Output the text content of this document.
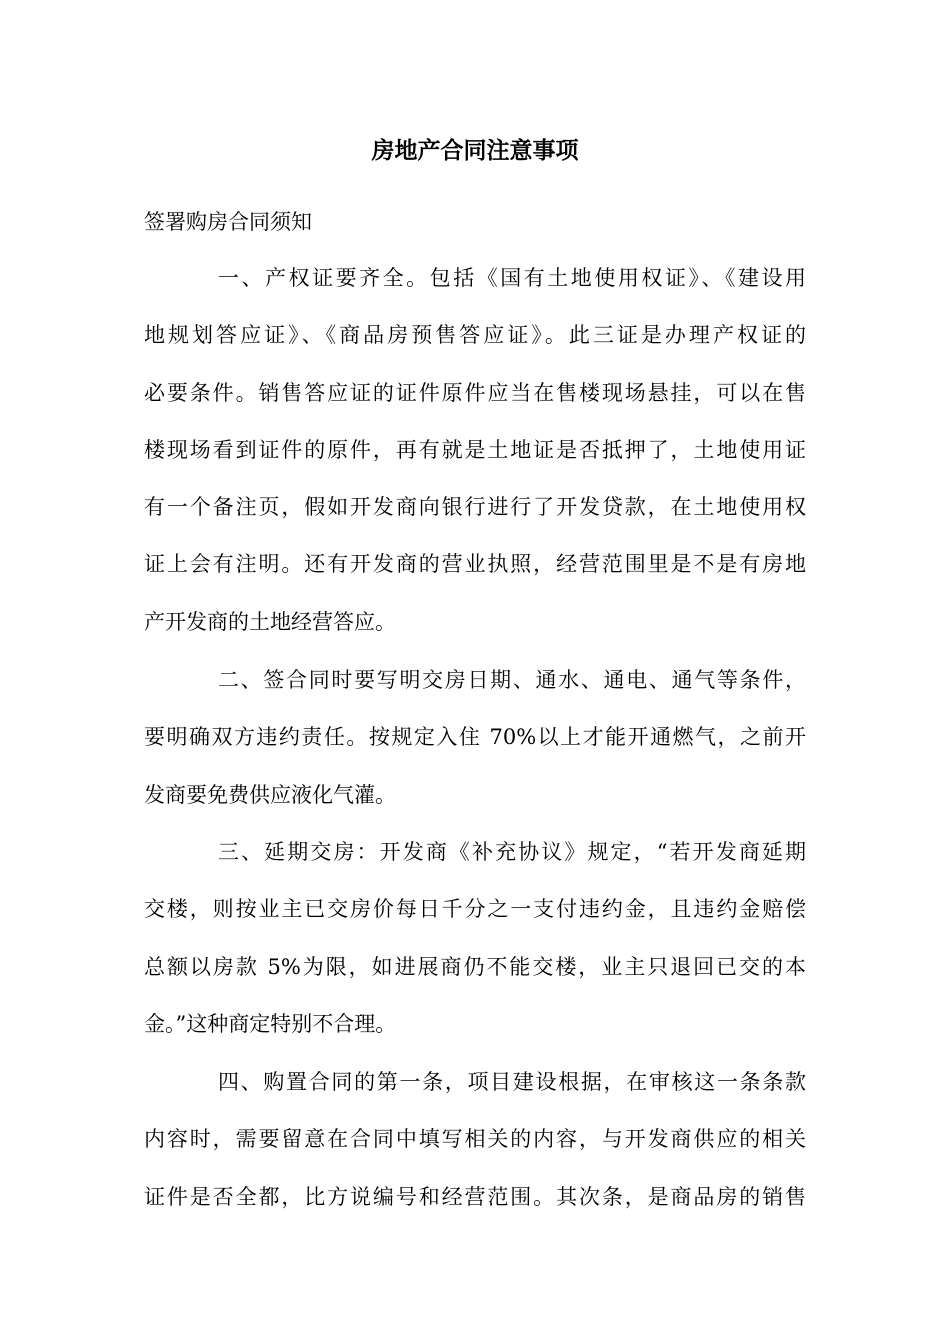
房地产合同注意事项

签署购房合同须知

一、产权证要齐全。包括《国有土地使用权证》、《建设用
地规划答应证》、《商品房预售答应证》。此三证是办理产权证的
必要条件。销售答应证的证件原件应当在售楼现场悬挂，可以在售
楼现场看到证件的原件，再有就是土地证是否抵押了，土地使用证
有一个备注页，假如开发商向银行进行了开发贷款，在土地使用权
证上会有注明。还有开发商的营业执照，经营范围里是不是有房地
产开发商的土地经营答应。
二、签合同时要写明交房日期、通水、通电、通气等条件，
要明确双方违约责任。按规定入住 70%以上才能开通燃气，之前开
发商要免费供应液化气灌。
三、延期交房：开发商《补充协议》规定，“若开发商延期
交楼，则按业主已交房价每日千分之一支付违约金，且违约金赔偿
总额以房款 5%为限，如进展商仍不能交楼，业主只退回已交的本
金。”这种商定特别不合理。
四、购置合同的第一条，项目建设根据，在审核这一条条款
内容时，需要留意在合同中填写相关的内容，与开发商供应的相关
证件是否全都，比方说编号和经营范围。其次条，是商品房的销售
